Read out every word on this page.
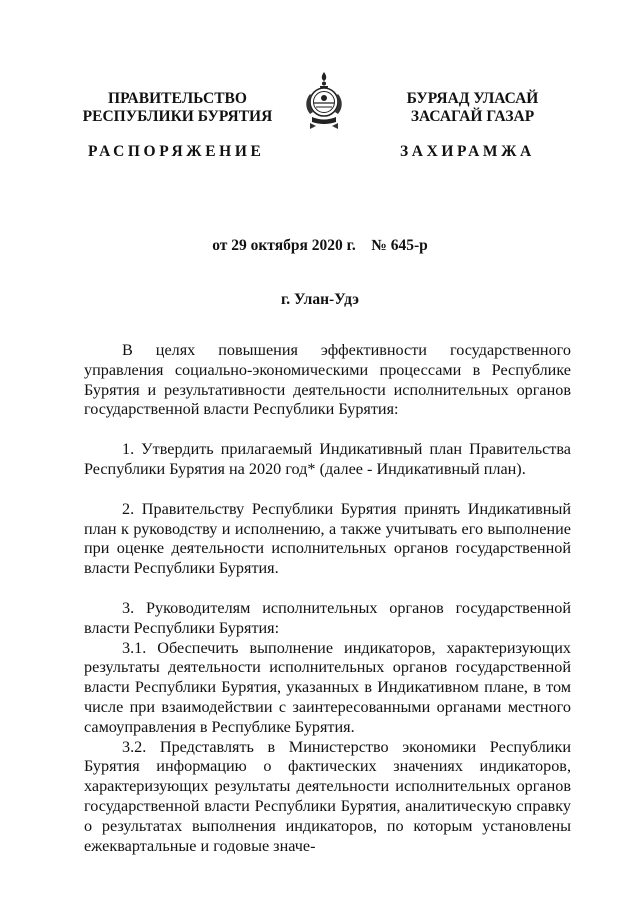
ПРАВИТЕЛЬСТВО
РЕСПУБЛИКИ БУРЯТИЯ
БУРЯАД УЛАСАЙ
ЗАСАГАЙ ГАЗАР
РАСПОРЯЖЕНИЕ	ЗАХИРАМЖА
от 29 октября 2020 г.    № 645-р
г. Улан-Удэ

В целях повышения эффективности государственного управления социально-экономическими процессами в Республике Бурятия и результативности деятельности исполнительных органов государственной власти Республики Бурятия:

1. Утвердить прилагаемый Индикативный план Правительства Республики Бурятия на 2020 год* (далее - Индикативный план).

2. Правительству Республики Бурятия принять Индикативный план к руководству и исполнению, а также учитывать его выполнение при оценке деятельности исполнительных органов государственной власти Республики Бурятия.

3. Руководителям исполнительных органов государственной власти Республики Бурятия:

3.1. Обеспечить выполнение индикаторов, характеризующих результаты деятельности исполнительных органов государственной власти Республики Бурятия, указанных в Индикативном плане, в том числе при взаимодействии с заинтересованными органами местного самоуправления в Республике Бурятия.

3.2. Представлять в Министерство экономики Республики Бурятия информацию о фактических значениях индикаторов, характеризующих результаты деятельности исполнительных органов государственной власти Республики Бурятия, аналитическую справку о результатах выполнения индикаторов, по которым установлены ежеквартальные и годовые значе-
